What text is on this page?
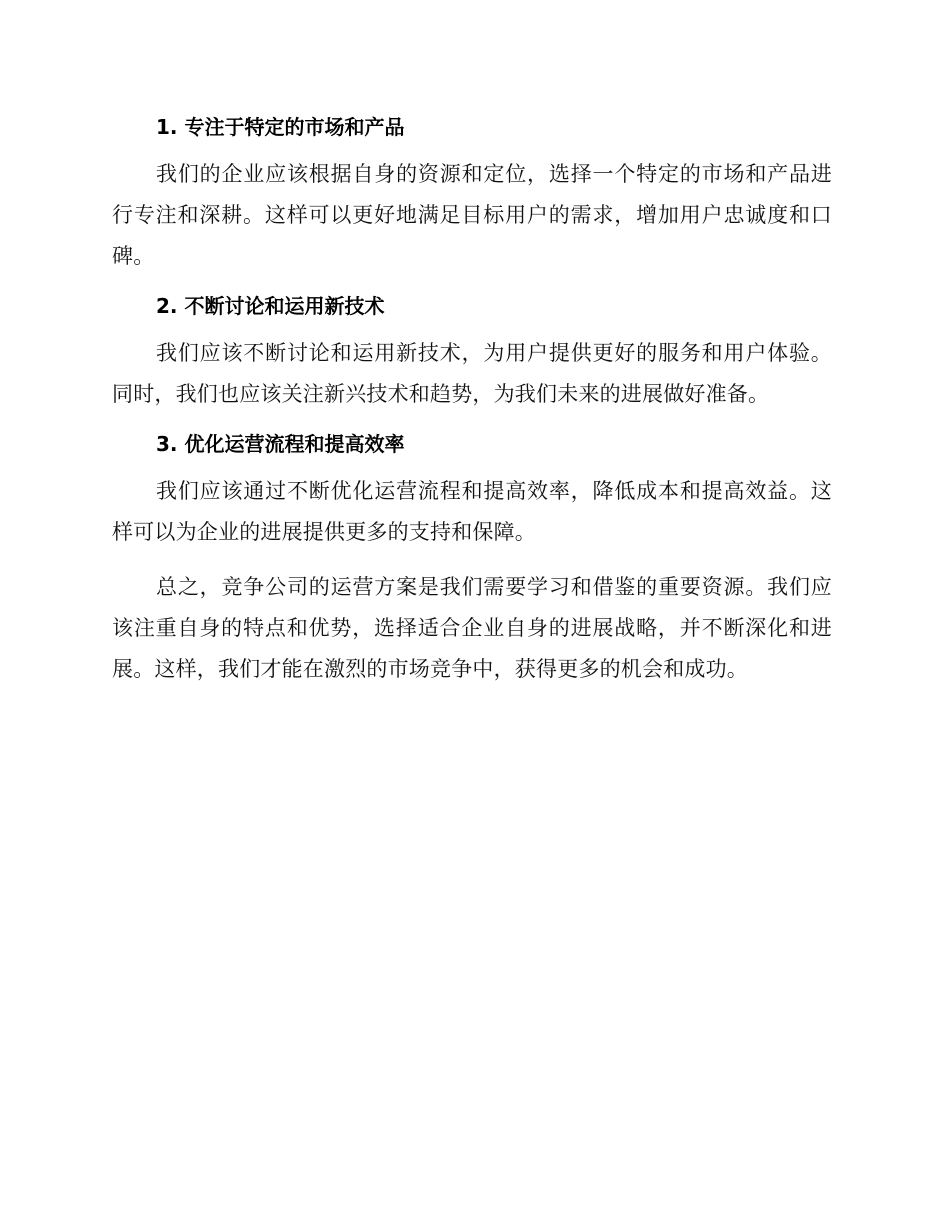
1. 专注于特定的市场和产品

我们的企业应该根据自身的资源和定位，选择一个特定的市场和产品进行专注和深耕。这样可以更好地满足目标用户的需求，增加用户忠诚度和口碑。

2. 不断讨论和运用新技术

我们应该不断讨论和运用新技术，为用户提供更好的服务和用户体验。同时，我们也应该关注新兴技术和趋势，为我们未来的进展做好准备。

3. 优化运营流程和提高效率

我们应该通过不断优化运营流程和提高效率，降低成本和提高效益。这样可以为企业的进展提供更多的支持和保障。

总之，竞争公司的运营方案是我们需要学习和借鉴的重要资源。我们应该注重自身的特点和优势，选择适合企业自身的进展战略，并不断深化和进展。这样，我们才能在激烈的市场竞争中，获得更多的机会和成功。
